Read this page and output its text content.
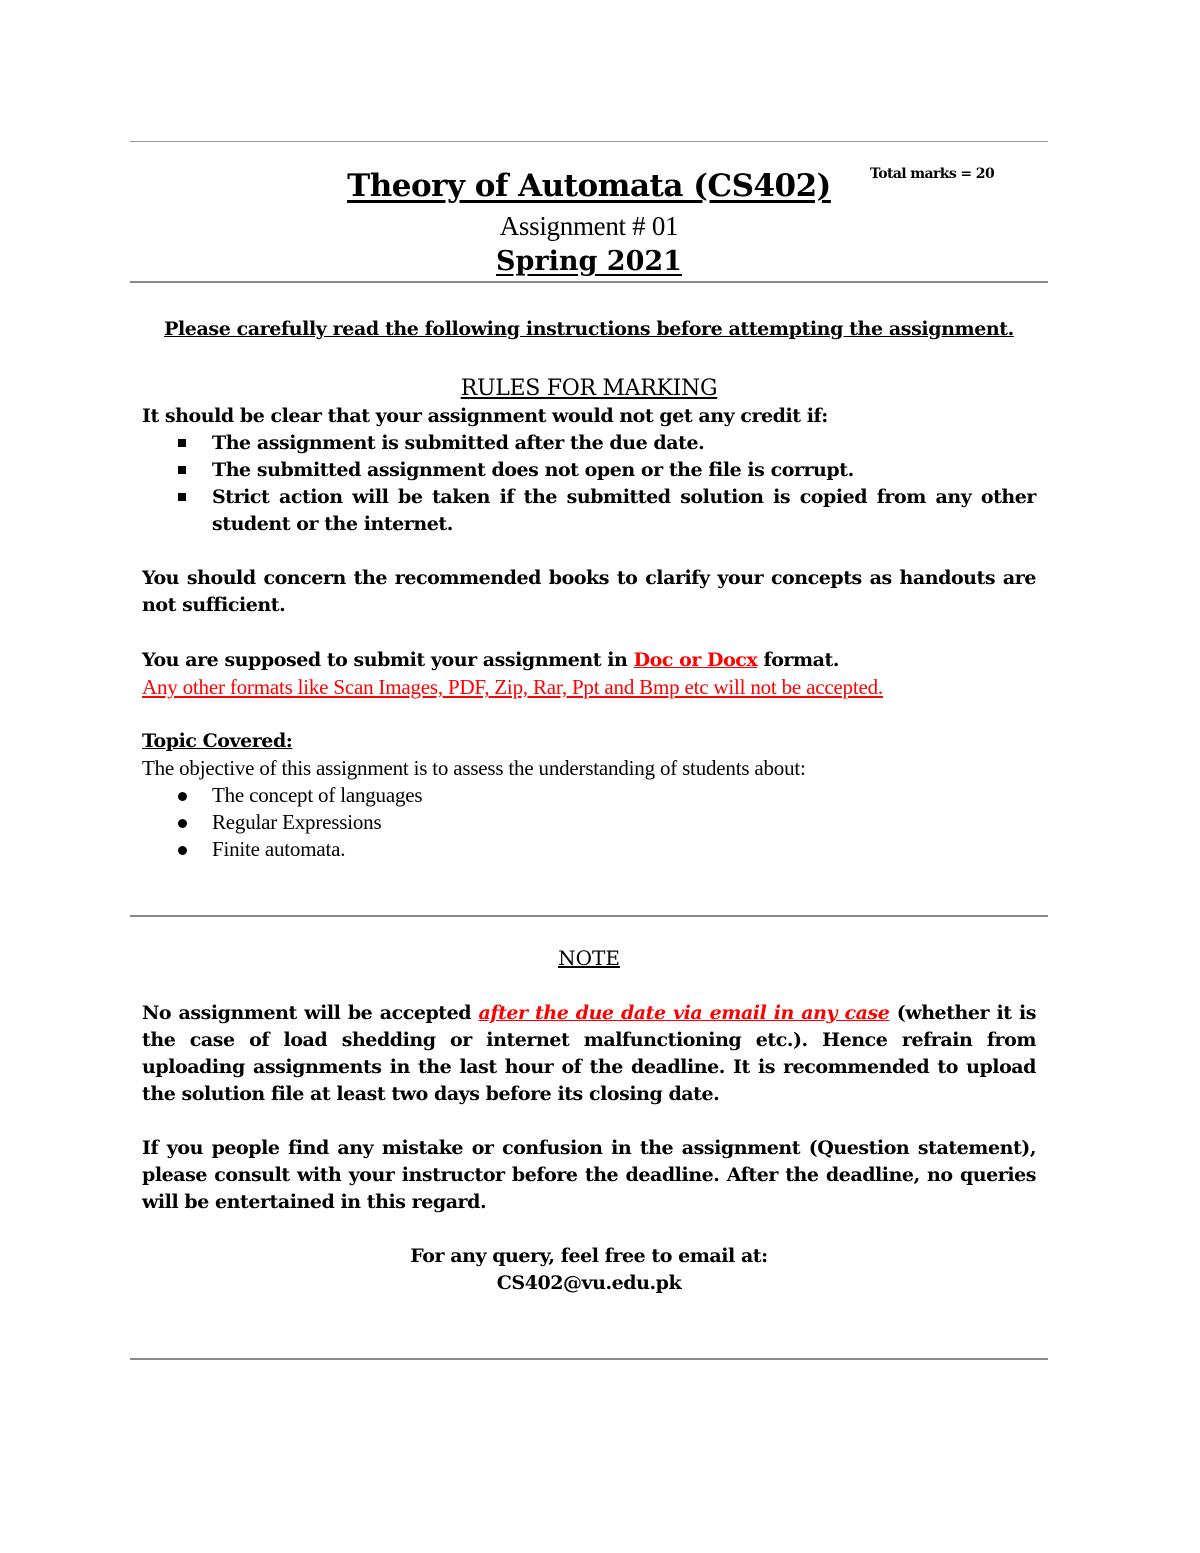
Theory of Automata (CS402)	Total marks = 20
Assignment # 01
Spring 2021
Please carefully read the following instructions before attempting the assignment.
RULES FOR MARKING
It should be clear that your assignment would not get any credit if:
The assignment is submitted after the due date.
The submitted assignment does not open or the file is corrupt.
Strict action will be taken if the submitted solution is copied from any other student or the internet.
You should concern the recommended books to clarify your concepts as handouts are not sufficient.
You are supposed to submit your assignment in Doc or Docx format.
Any other formats like Scan Images, PDF, Zip, Rar, Ppt and Bmp etc will not be accepted.
Topic Covered:
The objective of this assignment is to assess the understanding of students about:
The concept of languages
Regular Expressions
Finite automata.
NOTE
No assignment will be accepted after the due date via email in any case (whether it is the case of load shedding or internet malfunctioning etc.). Hence refrain from uploading assignments in the last hour of the deadline. It is recommended to upload the solution file at least two days before its closing date.
If you people find any mistake or confusion in the assignment (Question statement), please consult with your instructor before the deadline. After the deadline, no queries will be entertained in this regard.
For any query, feel free to email at:
CS402@vu.edu.pk
